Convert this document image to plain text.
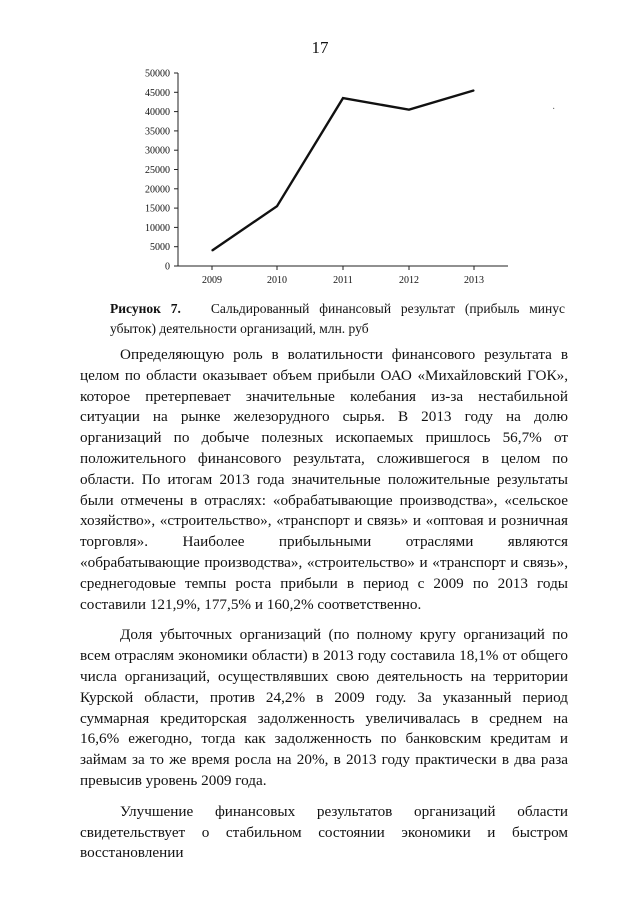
17
0
5000
10000
15000
20000
25000
30000
35000
40000
45000
50000
2009	2010	2011	2012	2013
Рисунок 7. Сальдированный финансовый результат (прибыль минус убыток) деятельности организаций, млн. руб

Определяющую роль в волатильности финансового результата в целом по области оказывает объем прибыли ОАО «Михайловский ГОК», которое претерпевает значительные колебания из-за нестабильной ситуации на рынке железорудного сырья. В 2013 году на долю организаций по добыче полезных ископаемых пришлось 56,7% от положительного финансового результата, сложившегося в целом по области. По итогам 2013 года значительные положительные результаты были отмечены в отраслях: «обрабатывающие производства», «сельское хозяйство», «строительство», «транспорт и связь» и «оптовая и розничная торговля». Наиболее прибыльными отраслями являются «обрабатывающие производства», «строительство» и «транспорт и связь», среднегодовые темпы роста прибыли в период с 2009 по 2013 годы составили 121,9%, 177,5% и 160,2% соответственно.

Доля убыточных организаций (по полному кругу организаций по всем отраслям экономики области) в 2013 году составила 18,1% от общего числа организаций, осуществлявших свою деятельность на территории Курской области, против 24,2% в 2009 году. За указанный период суммарная кредиторская задолженность увеличивалась в среднем на 16,6% ежегодно, тогда как задолженность по банковским кредитам и займам за то же время росла на 20%, в 2013 году практически в два раза превысив уровень 2009 года.

Улучшение финансовых результатов организаций области свидетельствует о стабильном состоянии экономики и быстром восстановлении

·
